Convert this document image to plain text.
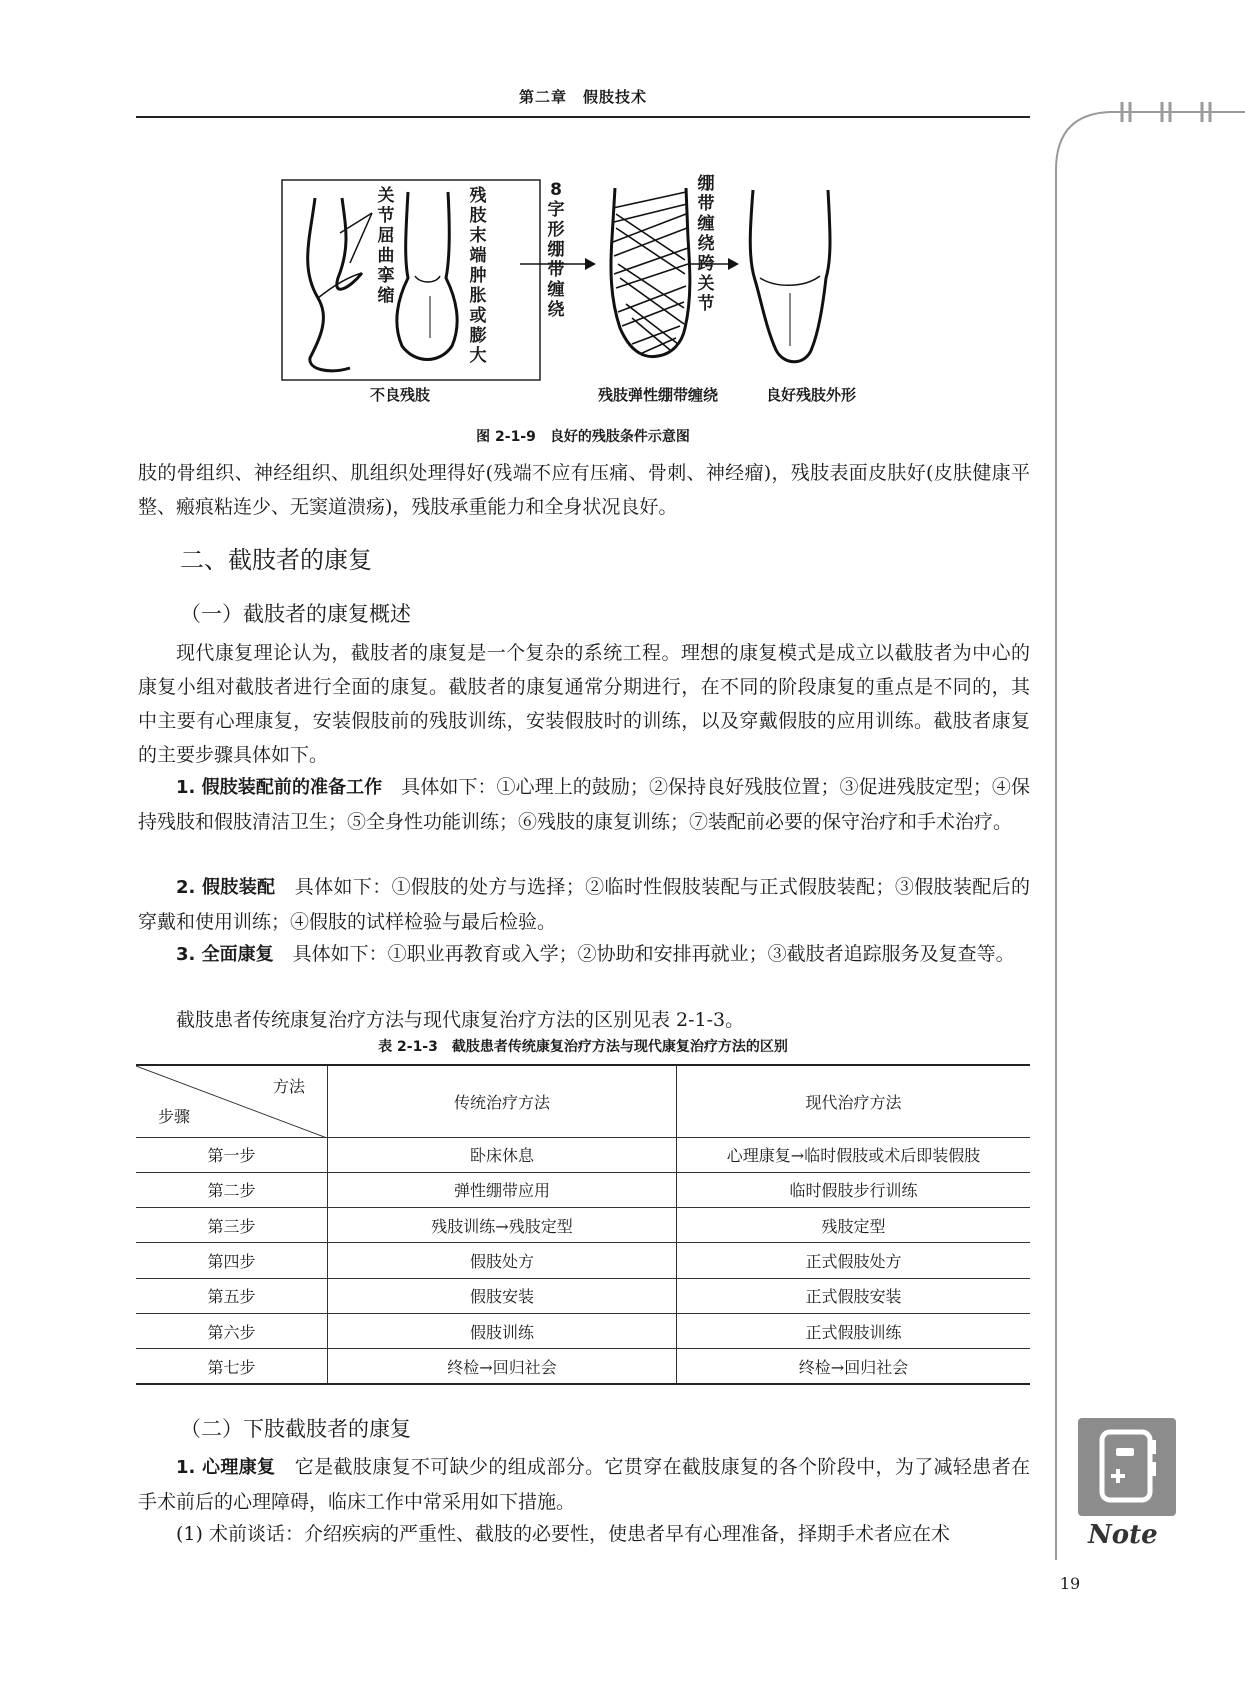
第二章　假肢技术
关节屈曲挛缩
残肢末端肿胀或膨大
8字形绷带缠绕
绷带缠绕跨关节
不良残肢	残肢弹性绷带缠绕	良好残肢外形
图 2-1-9　良好的残肢条件示意图
肢的骨组织、神经组织、肌组织处理得好(残端不应有压痛、骨刺、神经瘤)，残肢表面皮肤好(皮肤健康平整、瘢痕粘连少、无窦道溃疡)，残肢承重能力和全身状况良好。
二、截肢者的康复
（一）截肢者的康复概述
现代康复理论认为，截肢者的康复是一个复杂的系统工程。理想的康复模式是成立以截肢者为中心的康复小组对截肢者进行全面的康复。截肢者的康复通常分期进行，在不同的阶段康复的重点是不同的，其中主要有心理康复，安装假肢前的残肢训练，安装假肢时的训练，以及穿戴假肢的应用训练。截肢者康复的主要步骤具体如下。
1. 假肢装配前的准备工作　 具体如下：①心理上的鼓励；②保持良好残肢位置；③促进残肢定型；④保持残肢和假肢清洁卫生；⑤全身性功能训练；⑥残肢的康复训练；⑦装配前必要的保守治疗和手术治疗。
2. 假肢装配　 具体如下：①假肢的处方与选择；②临时性假肢装配与正式假肢装配；③假肢装配后的穿戴和使用训练；④假肢的试样检验与最后检验。
3. 全面康复　 具体如下：①职业再教育或入学；②协助和安排再就业；③截肢者追踪服务及复查等。
截肢患者传统康复治疗方法与现代康复治疗方法的区别见表 2-1-3。
表 2-1-3　截肢患者传统康复治疗方法与现代康复治疗方法的区别
方法
步骤	传统治疗方法	现代治疗方法
第一步	卧床休息	心理康复→临时假肢或术后即装假肢
第二步	弹性绷带应用	临时假肢步行训练
第三步	残肢训练→残肢定型	残肢定型
第四步	假肢处方	正式假肢处方
第五步	假肢安装	正式假肢安装
第六步	假肢训练	正式假肢训练
第七步	终检→回归社会	终检→回归社会
（二）下肢截肢者的康复
1. 心理康复　 它是截肢康复不可缺少的组成部分。它贯穿在截肢康复的各个阶段中，为了减轻患者在手术前后的心理障碍，临床工作中常采用如下措施。
(1) 术前谈话：介绍疾病的严重性、截肢的必要性，使患者早有心理准备，择期手术者应在术	Note
19
